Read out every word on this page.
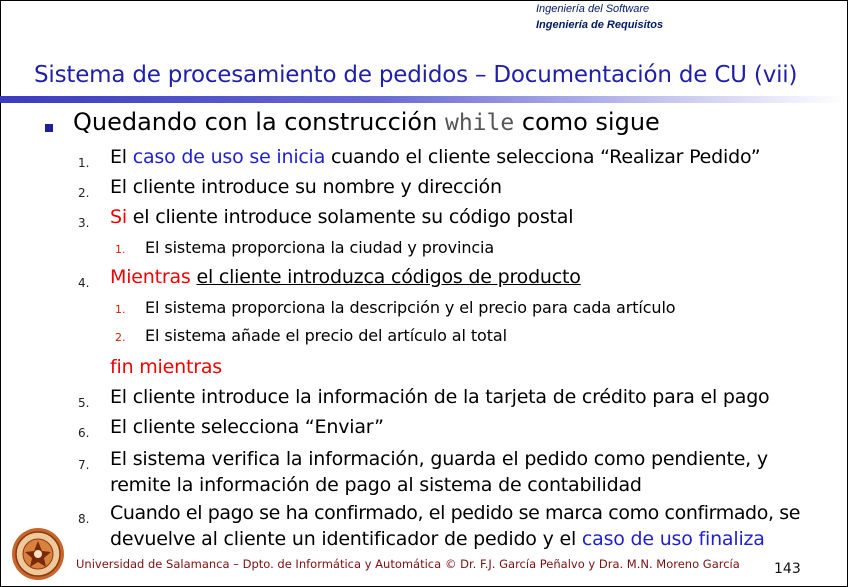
Ingeniería del Software
Ingeniería de Requisitos
Sistema de procesamiento de pedidos – Documentación de CU (vii)
Quedando con la construcción while como sigue
1. El caso de uso se inicia cuando el cliente selecciona “Realizar Pedido”
2. El cliente introduce su nombre y dirección
3. Si el cliente introduce solamente su código postal
1. El sistema proporciona la ciudad y provincia
4. Mientras el cliente introduzca códigos de producto
1. El sistema proporciona la descripción y el precio para cada artículo
2. El sistema añade el precio del artículo al total
fin mientras
5. El cliente introduce la información de la tarjeta de crédito para el pago
6. El cliente selecciona “Enviar”
7. El sistema verifica la información, guarda el pedido como pendiente, y
remite la información de pago al sistema de contabilidad
8. Cuando el pago se ha confirmado, el pedido se marca como confirmado, se
devuelve al cliente un identificador de pedido y el caso de uso finaliza
Universidad de Salamanca – Dpto. de Informática y Automática © Dr. F.J. García Peñalvo y Dra. M.N. Moreno García 143
